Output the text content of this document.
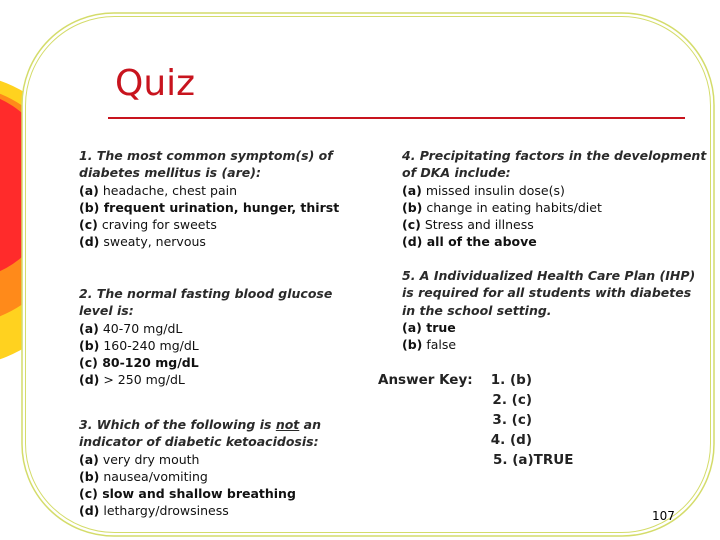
Quiz
1. The most common symptom(s) of
diabetes mellitus is (are):
(a) headache, chest pain
(b) frequent urination, hunger, thirst
(c) craving for sweets
(d) sweaty, nervous
2. The normal fasting blood glucose
level is:
(a) 40-70 mg/dL
(b) 160-240 mg/dL
(c) 80-120 mg/dL
(d) > 250 mg/dL
3. Which of the following is not an
indicator of diabetic ketoacidosis:
(a) very dry mouth
(b) nausea/vomiting
(c) slow and shallow breathing
(d) lethargy/drowsiness
4. Precipitating factors in the development
of DKA include:
(a) missed insulin dose(s)
(b) change in eating habits/diet
(c) Stress and illness
(d) all of the above
5. A Individualized Health Care Plan (IHP)
is required for all students with diabetes
in the school setting.
(a) true
(b) false
Answer Key:	1. (b)
2. (c)
3. (c)
4. (d)
5. (a)TRUE
107
